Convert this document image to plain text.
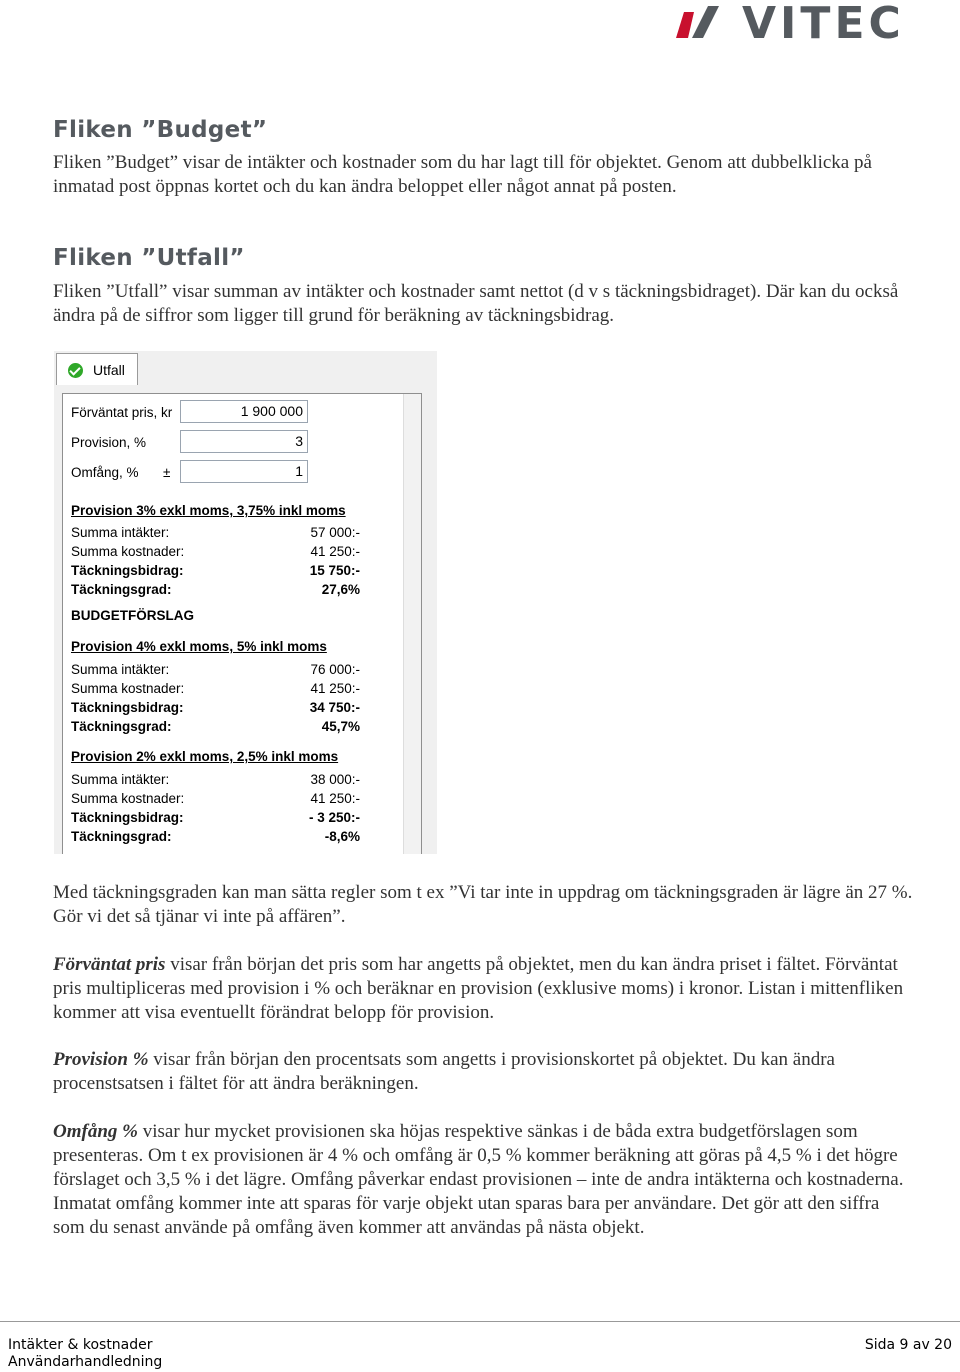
VITEC
Fliken ”Budget”

Fliken ”Budget” visar de intäkter och kostnader som du har lagt till för objektet. Genom att dubbelklicka på inmatad post öppnas kortet och du kan ändra beloppet eller något annat på posten.

Fliken ”Utfall”

Fliken ”Utfall” visar summan av intäkter och kostnader samt nettot (d v s täckningsbidraget). Där kan du också ändra på de siffror som ligger till grund för beräkning av täckningsbidrag.

Utfall
Förväntat pris, kr	1 900 000
Provision, %	3
Omfång, % ±	1
Provision 3% exkl moms, 3,75% inkl moms
Summa intäkter:	57 000:-
Summa kostnader:	41 250:-
Täckningsbidrag:	15 750:-
Täckningsgrad:	27,6%
BUDGETFÖRSLAG
Provision 4% exkl moms, 5% inkl moms
Summa intäkter:	76 000:-
Summa kostnader:	41 250:-
Täckningsbidrag:	34 750:-
Täckningsgrad:	45,7%
Provision 2% exkl moms, 2,5% inkl moms
Summa intäkter:	38 000:-
Summa kostnader:	41 250:-
Täckningsbidrag:	- 3 250:-
Täckningsgrad:	-8,6%

Med täckningsgraden kan man sätta regler som t ex ”Vi tar inte in uppdrag om täckningsgraden är lägre än 27 %. Gör vi det så tjänar vi inte på affären”.

Förväntat pris visar från början det pris som har angetts på objektet, men du kan ändra priset i fältet. Förväntat pris multipliceras med provision i % och beräknar en provision (exklusive moms) i kronor. Listan i mittenfliken kommer att visa eventuellt förändrat belopp för provision.

Provision % visar från början den procentsats som angetts i provisionskortet på objektet. Du kan ändra procenstsatsen i fältet för att ändra beräkningen.

Omfång % visar hur mycket provisionen ska höjas respektive sänkas i de båda extra budgetförslagen som presenteras. Om t ex provisionen är 4 % och omfång är 0,5 % kommer beräkning att göras på 4,5 % i det högre förslaget och 3,5 % i det lägre. Omfång påverkar endast provisionen – inte de andra intäkterna och kostnaderna. Inmatat omfång kommer inte att sparas för varje objekt utan sparas bara per användare. Det gör att den siffra som du senast använde på omfång även kommer att användas på nästa objekt.

Intäkter & kostnader
Användarhandledning
Sida 9 av 20
